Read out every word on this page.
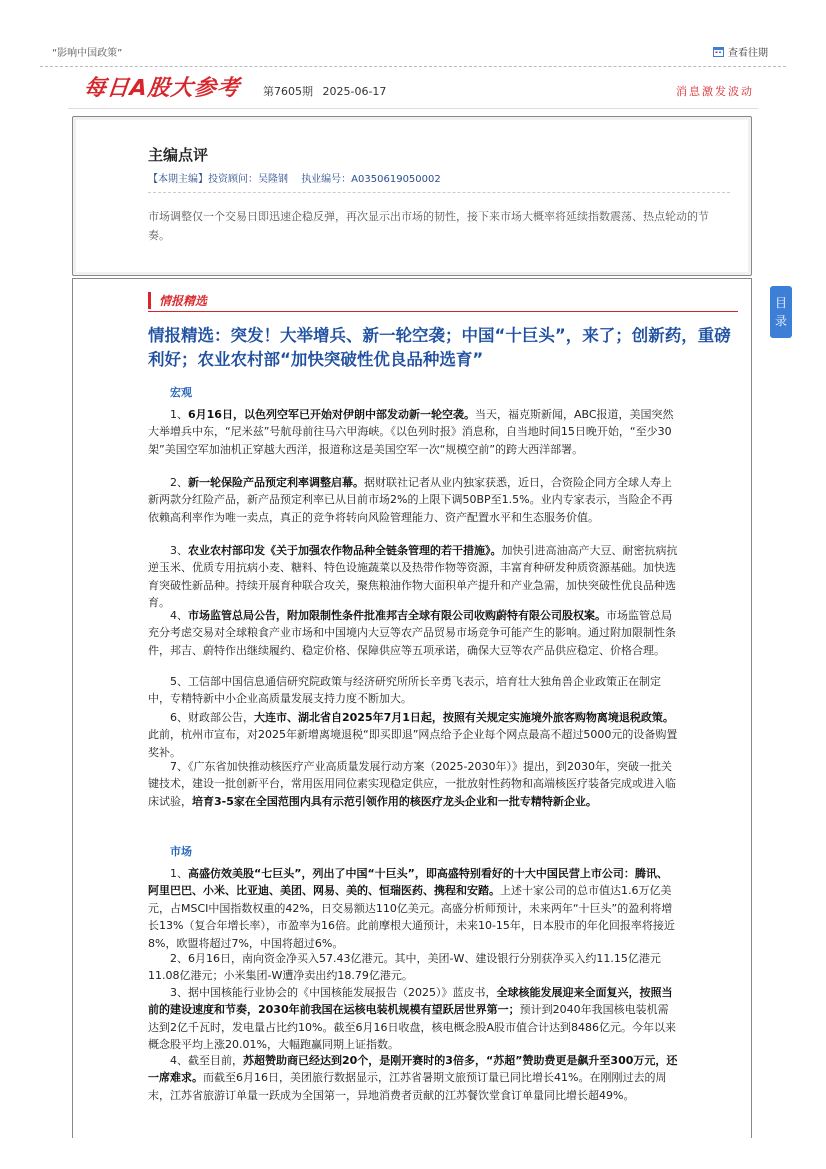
“影响中国政策”	查看往期
每日A股大参考 第7605期 2025-06-17	消息激发波动
主编点评
【本期主编】投资顾问：吴隆钢 执业编号：A0350619050002
市场调整仅一个交易日即迅速企稳反弹，再次显示出市场的韧性，接下来市场大概率将延续指数震荡、热点轮动的节奏。
情报精选
情报精选：突发！大举增兵、新一轮空袭；中国“十巨头”，来了；创新药，重磅利好；农业农村部“加快突破性优良品种选育”
宏观
1、6月16日，以色列空军已开始对伊朗中部发动新一轮空袭。当天，福克斯新闻，ABC报道，美国突然大举增兵中东，“尼米兹”号航母前往马六甲海峡。《以色列时报》消息称，自当地时间15日晚开始，“至少30架”美国空军加油机正穿越大西洋，报道称这是美国空军一次“规模空前”的跨大西洋部署。
2、新一轮保险产品预定利率调整启幕。据财联社记者从业内独家获悉，近日，合资险企同方全球人寿上新两款分红险产品，新产品预定利率已从目前市场2%的上限下调50BP至1.5%。业内专家表示，当险企不再依赖高利率作为唯一卖点，真正的竞争将转向风险管理能力、资产配置水平和生态服务价值。
3、农业农村部印发《关于加强农作物品种全链条管理的若干措施》。加快引进高油高产大豆、耐密抗病抗逆玉米、优质专用抗病小麦、糖料、特色设施蔬菜以及热带作物等资源，丰富育种研发种质资源基础。加快选育突破性新品种。持续开展育种联合攻关，聚焦粮油作物大面积单产提升和产业急需，加快突破性优良品种选育。
4、市场监管总局公告，附加限制性条件批准邦吉全球有限公司收购蔚特有限公司股权案。市场监管总局充分考虑交易对全球粮食产业市场和中国境内大豆等农产品贸易市场竞争可能产生的影响。通过附加限制性条件，邦吉、蔚特作出继续履约、稳定价格、保障供应等五项承诺，确保大豆等农产品供应稳定、价格合理。
5、工信部中国信息通信研究院政策与经济研究所所长辛勇飞表示，培育壮大独角兽企业政策正在制定中，专精特新中小企业高质量发展支持力度不断加大。
6、财政部公告，大连市、湖北省自2025年7月1日起，按照有关规定实施境外旅客购物离境退税政策。此前，杭州市宣布，对2025年新增离境退税“即买即退”网点给予企业每个网点最高不超过5000元的设备购置奖补。
7、《广东省加快推动核医疗产业高质量发展行动方案（2025-2030年）》提出，到2030年，突破一批关键技术，建设一批创新平台，常用医用同位素实现稳定供应，一批放射性药物和高端核医疗装备完成或进入临床试验，培育3-5家在全国范围内具有示范引领作用的核医疗龙头企业和一批专精特新企业。
市场
1、高盛仿效美股“七巨头”，列出了中国“十巨头”，即高盛特别看好的十大中国民营上市公司：腾讯、阿里巴巴、小米、比亚迪、美团、网易、美的、恒瑞医药、携程和安踏。上述十家公司的总市值达1.6万亿美元，占MSCI中国指数权重的42%，日交易额达110亿美元。高盛分析师预计，未来两年“十巨头”的盈利将增长13%（复合年增长率），市盈率为16倍。此前摩根大通预计，未来10-15年，日本股市的年化回报率将接近8%，欧盟将超过7%，中国将超过6%。
2、6月16日，南向资金净买入57.43亿港元。其中，美团-W、建设银行分别获净买入约11.15亿港元11.08亿港元；小米集团-W遭净卖出约18.79亿港元。
3、据中国核能行业协会的《中国核能发展报告（2025）》蓝皮书，全球核能发展迎来全面复兴，按照当前的建设速度和节奏，2030年前我国在运核电装机规模有望跃居世界第一；预计到2040年我国核电装机需达到2亿千瓦时，发电量占比约10%。截至6月16日收盘，核电概念股A股市值合计达到8486亿元。今年以来概念股平均上涨20.01%，大幅跑赢同期上证指数。
4、截至目前，苏超赞助商已经达到20个，是刚开赛时的3倍多，“苏超”赞助费更是飙升至300万元，还一席难求。而截至6月16日，美团旅行数据显示，江苏省暑期文旅预订量已同比增长41%。在刚刚过去的周末，江苏省旅游订单量一跃成为全国第一，异地消费者贡献的江苏餐饮堂食订单量同比增长超49%。
目
录
